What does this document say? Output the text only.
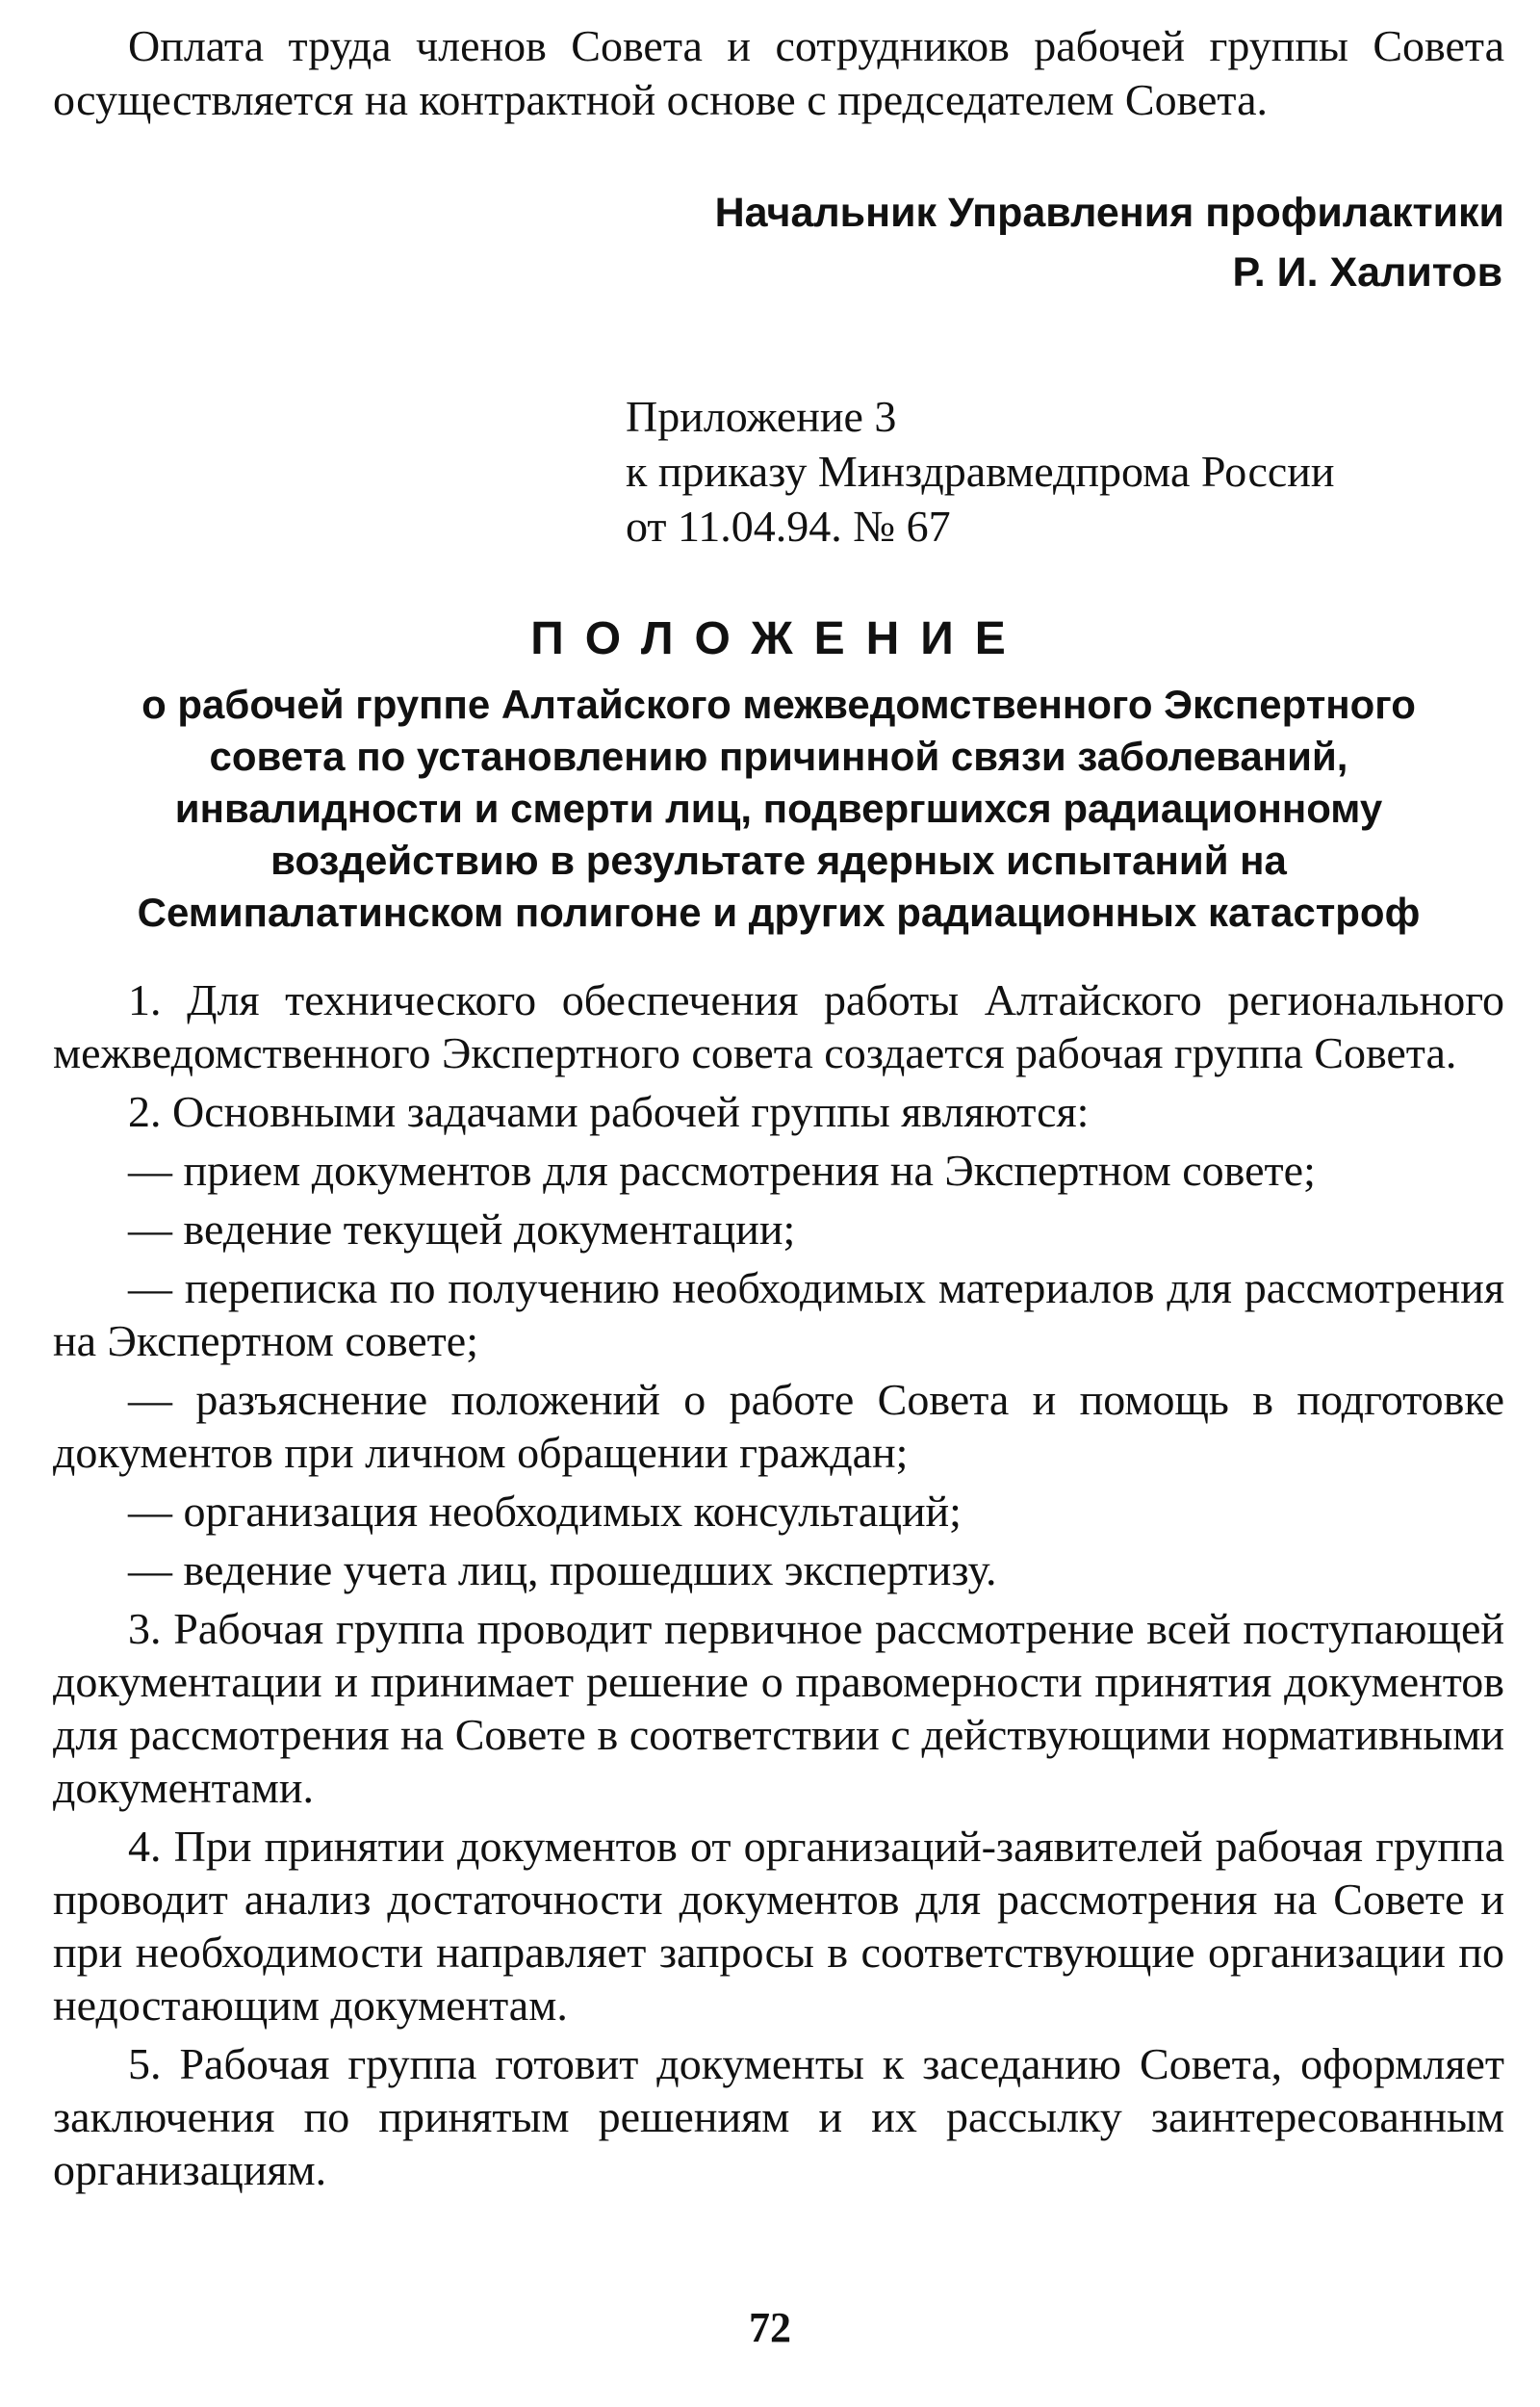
Оплата труда членов Совета и сотрудников рабочей группы Совета осуществляется на контрактной основе с председателем Совета.

Начальник Управления профилактики
Р. И. Халитов
Приложение 3
к приказу Минздравмедпрома России
от 11.04.94. № 67
ПОЛОЖЕНИЕ
о рабочей группе Алтайского межведомственного Экспертного совета по установлению причинной связи заболеваний, инвалидности и смерти лиц, подвергшихся радиационному воздействию в результате ядерных испытаний на Семипалатинском полигоне и других радиационных катастроф

1. Для технического обеспечения работы Алтайского регионального межведомственного Экспертного совета создается рабочая группа Совета.

2. Основными задачами рабочей группы являются:

— прием документов для рассмотрения на Экспертном совете;

— ведение текущей документации;

— переписка по получению необходимых материалов для рассмотрения на Экспертном совете;

— разъяснение положений о работе Совета и помощь в подготовке документов при личном обращении граждан;

— организация необходимых консультаций;

— ведение учета лиц, прошедших экспертизу.

3. Рабочая группа проводит первичное рассмотрение всей поступающей документации и принимает решение о правомерности принятия документов для рассмотрения на Совете в соответствии с действующими нормативными документами.

4. При принятии документов от организаций-заявителей рабочая группа проводит анализ достаточности документов для рассмотрения на Совете и при необходимости направляет запросы в соответствующие организации по недостающим документам.

5. Рабочая группа готовит документы к заседанию Совета, оформляет заключения по принятым решениям и их рассылку заинтересованным организациям.

72
